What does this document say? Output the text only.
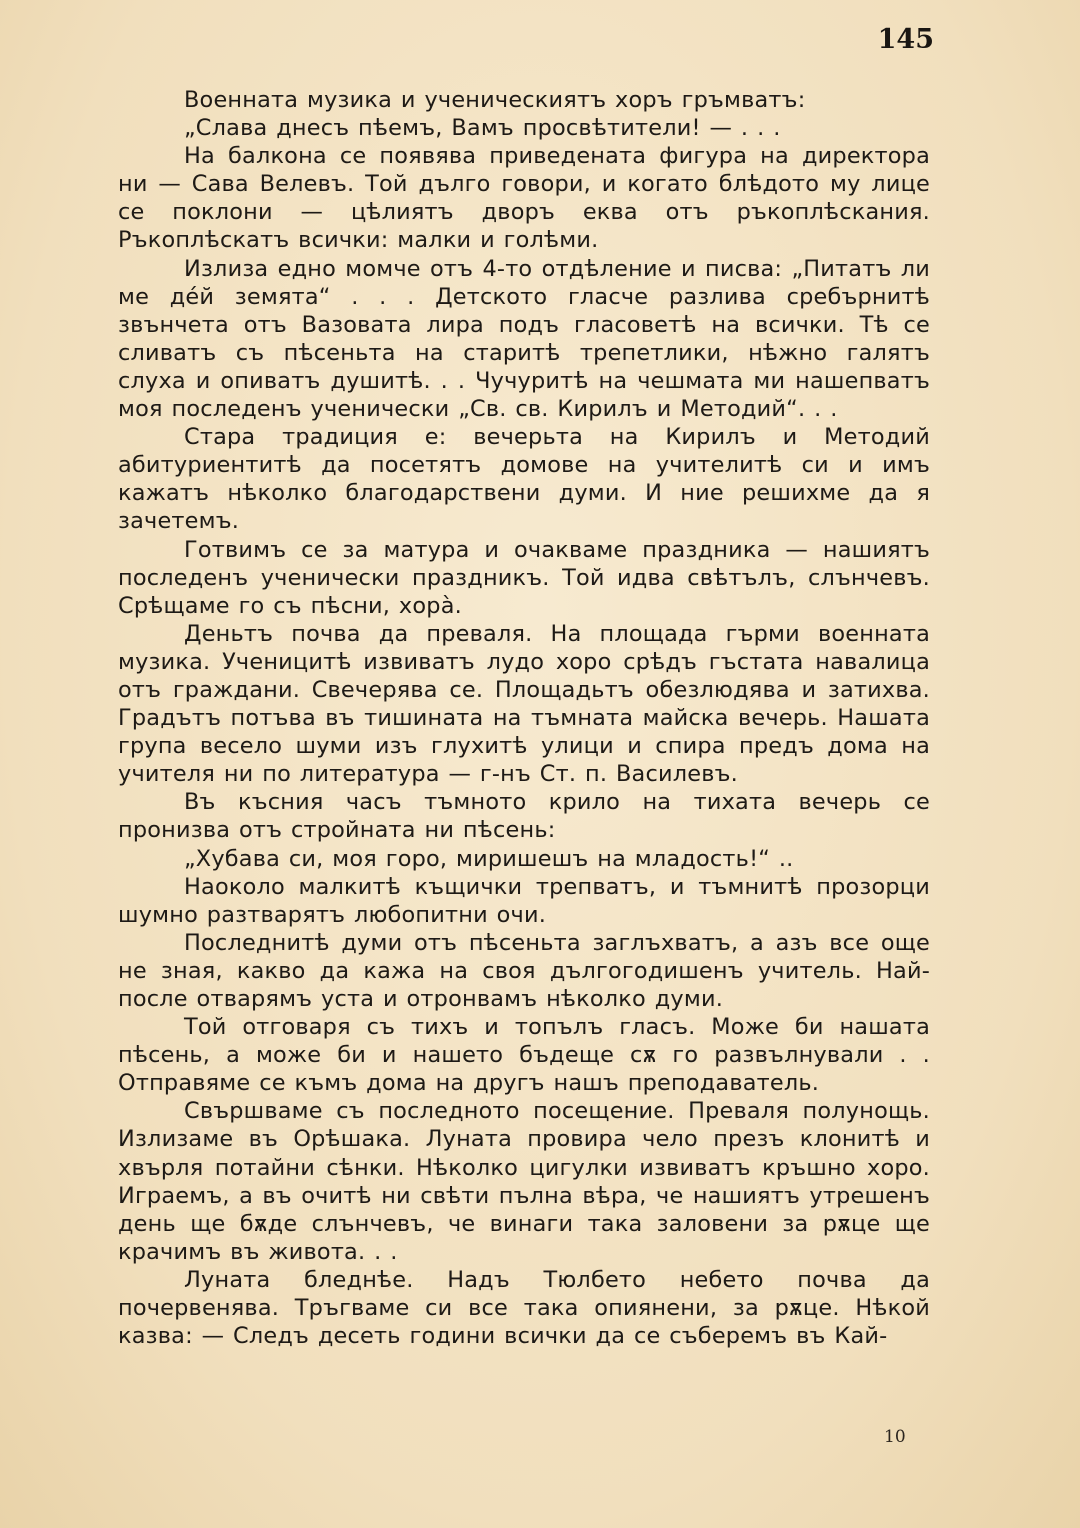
145

Военната музика и ученическиятъ хоръ гръмватъ:

„Слава днесъ пѣемъ, Вамъ просвѣтители! — . . .

На балкона се появява приведената фигура на директора ни — Сава Велевъ. Той дълго говори, и когато блѣдото му лице се поклони — цѣлиятъ дворъ еква отъ ръкоплѣскания. Ръкоплѣскатъ всички: малки и голѣми.

Излиза едно момче отъ 4-то отдѣление и писва: „Питатъ ли ме де́й земята“ . . . Детското гласче разлива сребърнитѣ звънчета отъ Вазовата лира подъ гласоветѣ на всички. Тѣ се сливатъ съ пѣсеньта на старитѣ трепетлики, нѣжно галятъ слуха и опиватъ душитѣ. . . Чучуритѣ на чешмата ми нашепватъ моя последенъ ученически „Св. св. Кирилъ и Методий“. . .

Стара традиция е: вечерьта на Кирилъ и Методий абитуриентитѣ да посетятъ домове на учителитѣ си и имъ кажатъ нѣколко благодарствени думи. И ние решихме да я зачетемъ.

Готвимъ се за матура и очакваме праздника — нашиятъ последенъ ученически праздникъ. Той идва свѣтълъ, слънчевъ. Срѣщаме го съ пѣсни, хора̀.

Деньтъ почва да преваля. На площада гърми военната музика. Ученицитѣ извиватъ лудо хоро срѣдъ гъстата навалица отъ граждани. Свечерява се. Площадьтъ обезлюдява и затихва. Градътъ потъва въ тишината на тъмната майска вечерь. Нашата група весело шуми изъ глухитѣ улици и спира предъ дома на учителя ни по литература — г-нъ Ст. п. Василевъ.

Въ късния часъ тъмното крило на тихата вечерь се пронизва отъ стройната ни пѣсень:

„Хубава си, моя горо, миришешъ на младость!“ ..

Наоколо малкитѣ къщички трепватъ, и тъмнитѣ прозорци шумно разтварятъ любопитни очи.

Последнитѣ думи отъ пѣсеньта заглъхватъ, а азъ все още не зная, какво да кажа на своя дългогодишенъ учитель. Най-после отварямъ уста и отронвамъ нѣколко думи.

Той отговаря съ тихъ и топълъ гласъ. Може би нашата пѣсень, а може би и нашето бъдеще сѫ го развълнували . . Отправяме се къмъ дома на другъ нашъ преподаватель.

Свършваме съ последното посещение. Преваля полунощь. Излизаме въ Орѣшака. Луната провира чело презъ клонитѣ и хвърля потайни сѣнки. Нѣколко цигулки извиватъ кръшно хоро. Играемъ, а въ очитѣ ни свѣти пълна вѣра, че нашиятъ утрешенъ день ще бѫде слънчевъ, че винаги така заловени за рѫце ще крачимъ въ живота. . .

Луната бледнѣе. Надъ Тюлбето небето почва да почервенява. Тръгваме си все така опиянени, за рѫце. Нѣкой казва: — Следъ десеть години всички да се съберемъ въ Кай-

10
